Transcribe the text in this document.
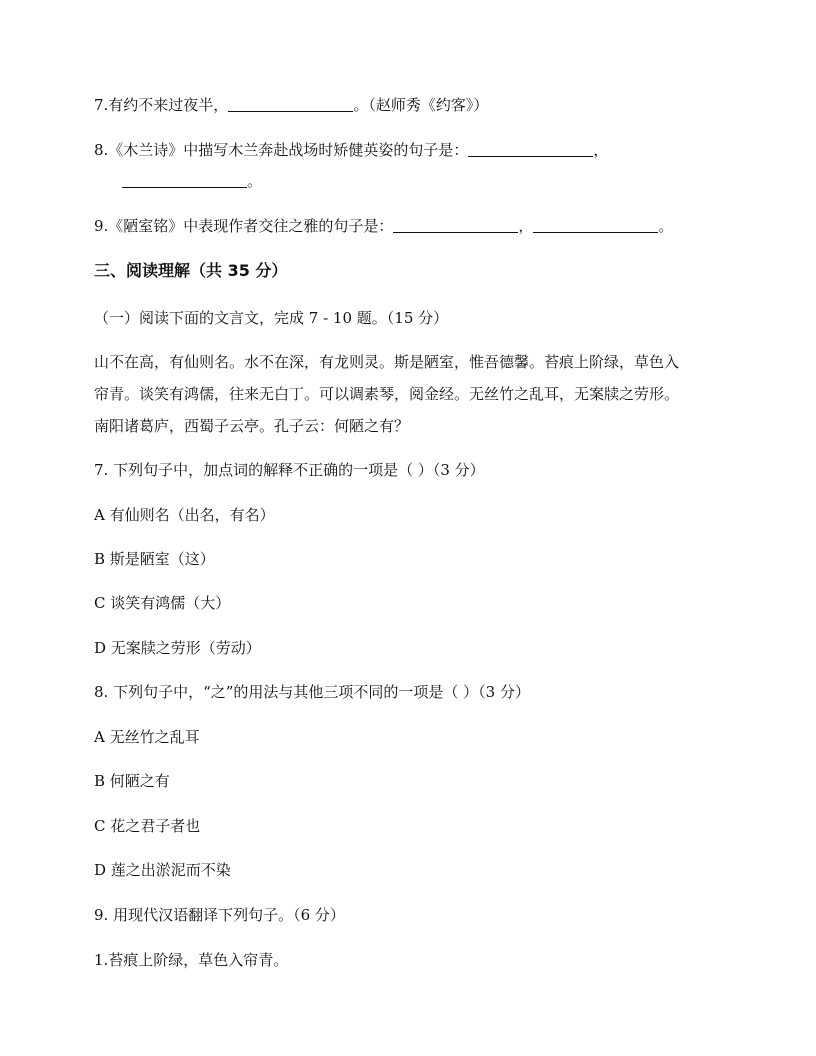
7.有约不来过夜半，	。（赵师秀《约客》）
8.《木兰诗》中描写木兰奔赴战场时矫健英姿的句子是：	，
。
9.《陋室铭》中表现作者交往之雅的句子是：	，	。
三、阅读理解（共 35 分）
（一）阅读下面的文言文，完成 7 - 10 题。（15 分）
山不在高，有仙则名。水不在深，有龙则灵。斯是陋室，惟吾德馨。苔痕上阶绿，草色入
帘青。谈笑有鸿儒，往来无白丁。可以调素琴，阅金经。无丝竹之乱耳，无案牍之劳形。
南阳诸葛庐，西蜀子云亭。孔子云：何陋之有？
7. 下列句子中，加点词的解释不正确的一项是（ ）（3 分）
A 有仙则名（出名，有名）
B 斯是陋室（这）
C 谈笑有鸿儒（大）
D 无案牍之劳形（劳动）
8. 下列句子中，“之”的用法与其他三项不同的一项是（ ）（3 分）
A 无丝竹之乱耳
B 何陋之有
C 花之君子者也
D 莲之出淤泥而不染
9. 用现代汉语翻译下列句子。（6 分）
1.苔痕上阶绿，草色入帘青。
